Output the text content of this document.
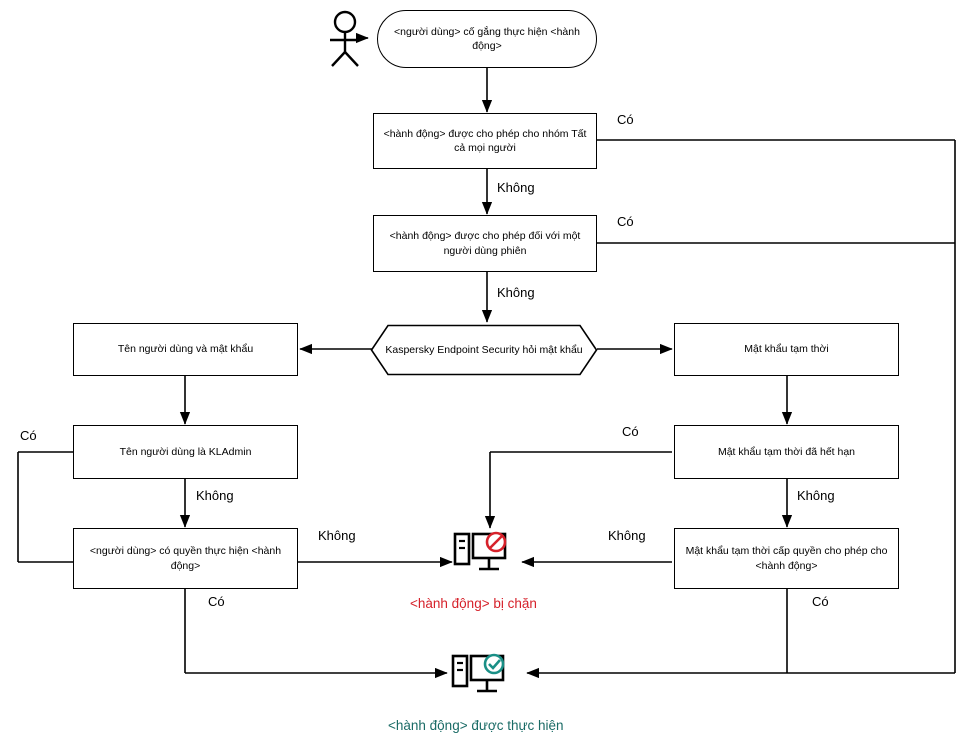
<người dùng> cố gắng thực hiện <hành động>
<hành động> được cho phép cho nhóm Tất cả mọi người
<hành động> được cho phép đối với một người dùng phiên
Kaspersky Endpoint Security hỏi mật khẩu
Tên người dùng và mật khẩu	Mật khẩu tạm thời
Tên người dùng là KLAdmin	Mật khẩu tạm thời đã hết hạn
<người dùng> có quyền thực hiện <hành động>
Mật khẩu tạm thời cấp quyền cho phép cho <hành động>
Có
Không
Có
Không
Có
Không
Không
Có
Có
Không
Không
Có
<hành động> bị chặn
<hành động> được thực hiện
